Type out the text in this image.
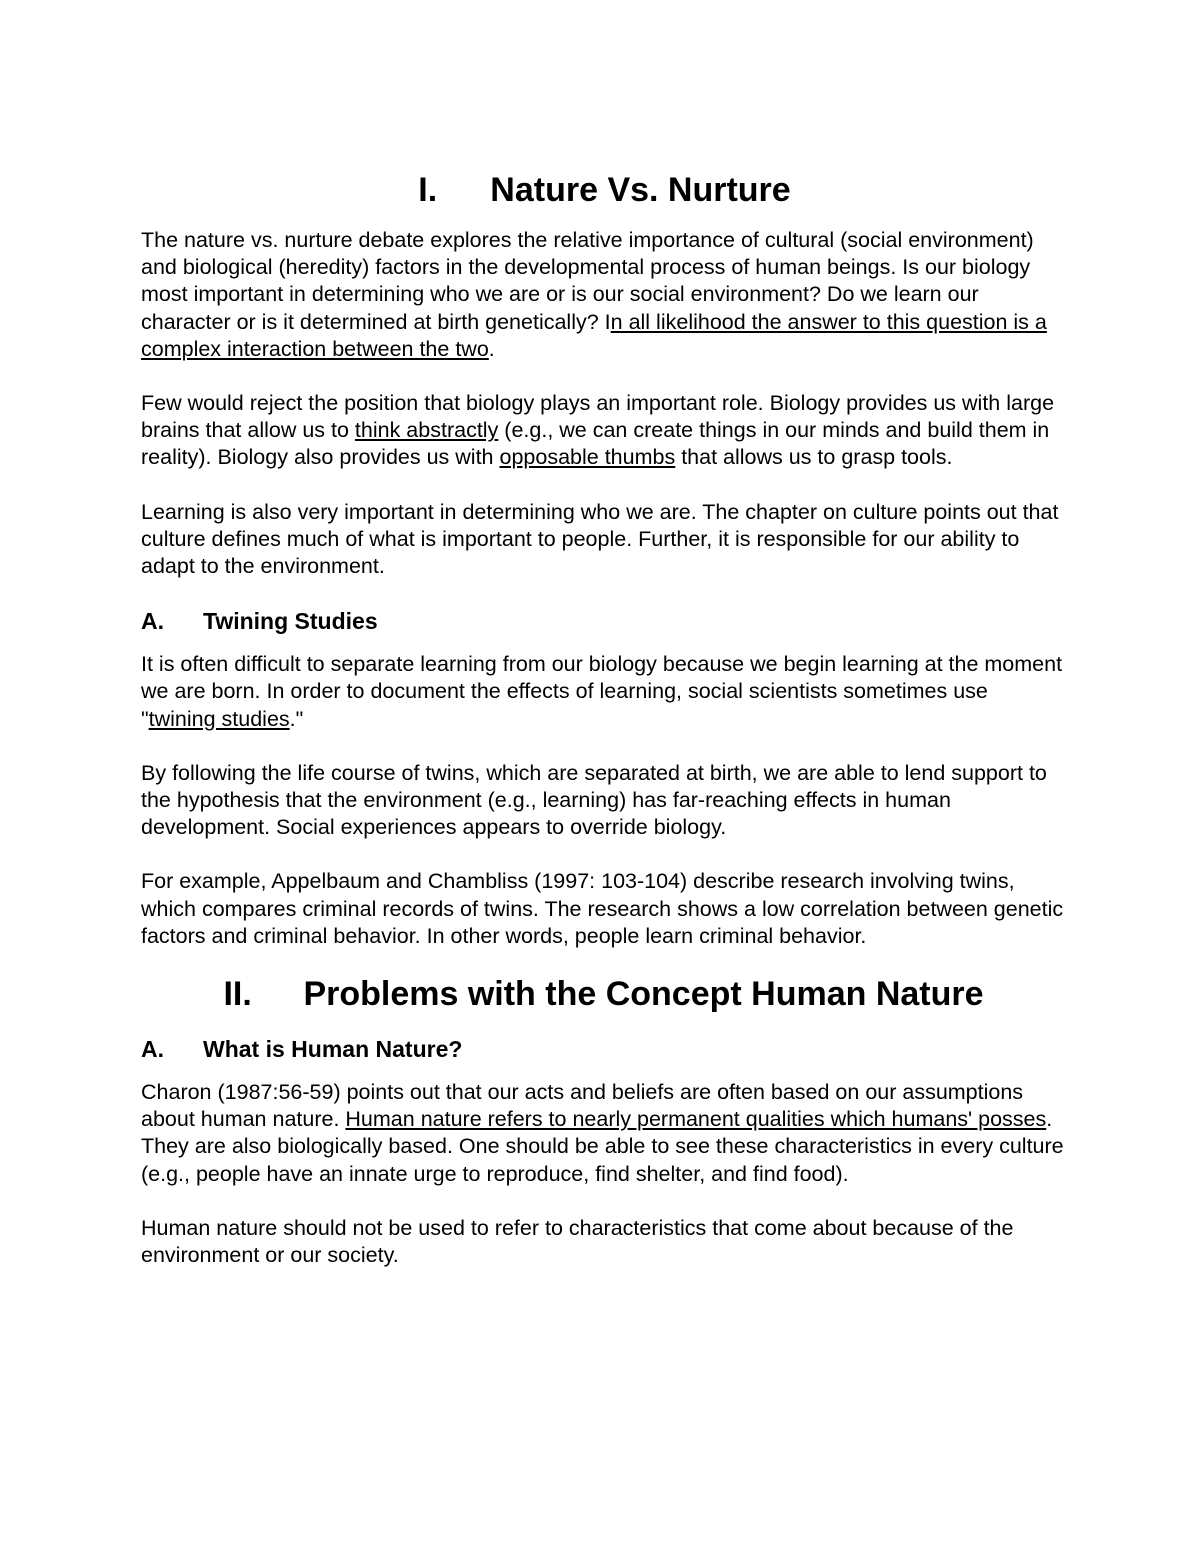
I. Nature Vs. Nurture

The nature vs. nurture debate explores the relative importance of cultural (social environment) and biological (heredity) factors in the developmental process of human beings. Is our biology most important in determining who we are or is our social environment? Do we learn our character or is it determined at birth genetically? In all likelihood the answer to this question is a complex interaction between the two.

Few would reject the position that biology plays an important role. Biology provides us with large brains that allow us to think abstractly (e.g., we can create things in our minds and build them in reality). Biology also provides us with opposable thumbs that allows us to grasp tools.

Learning is also very important in determining who we are. The chapter on culture points out that culture defines much of what is important to people. Further, it is responsible for our ability to adapt to the environment.

A. Twining Studies

It is often difficult to separate learning from our biology because we begin learning at the moment we are born. In order to document the effects of learning, social scientists sometimes use "twining studies."

By following the life course of twins, which are separated at birth, we are able to lend support to the hypothesis that the environment (e.g., learning) has far-reaching effects in human development. Social experiences appears to override biology.

For example, Appelbaum and Chambliss (1997: 103-104) describe research involving twins, which compares criminal records of twins. The research shows a low correlation between genetic factors and criminal behavior. In other words, people learn criminal behavior.

II. Problems with the Concept Human Nature
A. What is Human Nature?

Charon (1987:56-59) points out that our acts and beliefs are often based on our assumptions about human nature. Human nature refers to nearly permanent qualities which humans' posses. They are also biologically based. One should be able to see these characteristics in every culture (e.g., people have an innate urge to reproduce, find shelter, and find food).

Human nature should not be used to refer to characteristics that come about because of the environment or our society.
